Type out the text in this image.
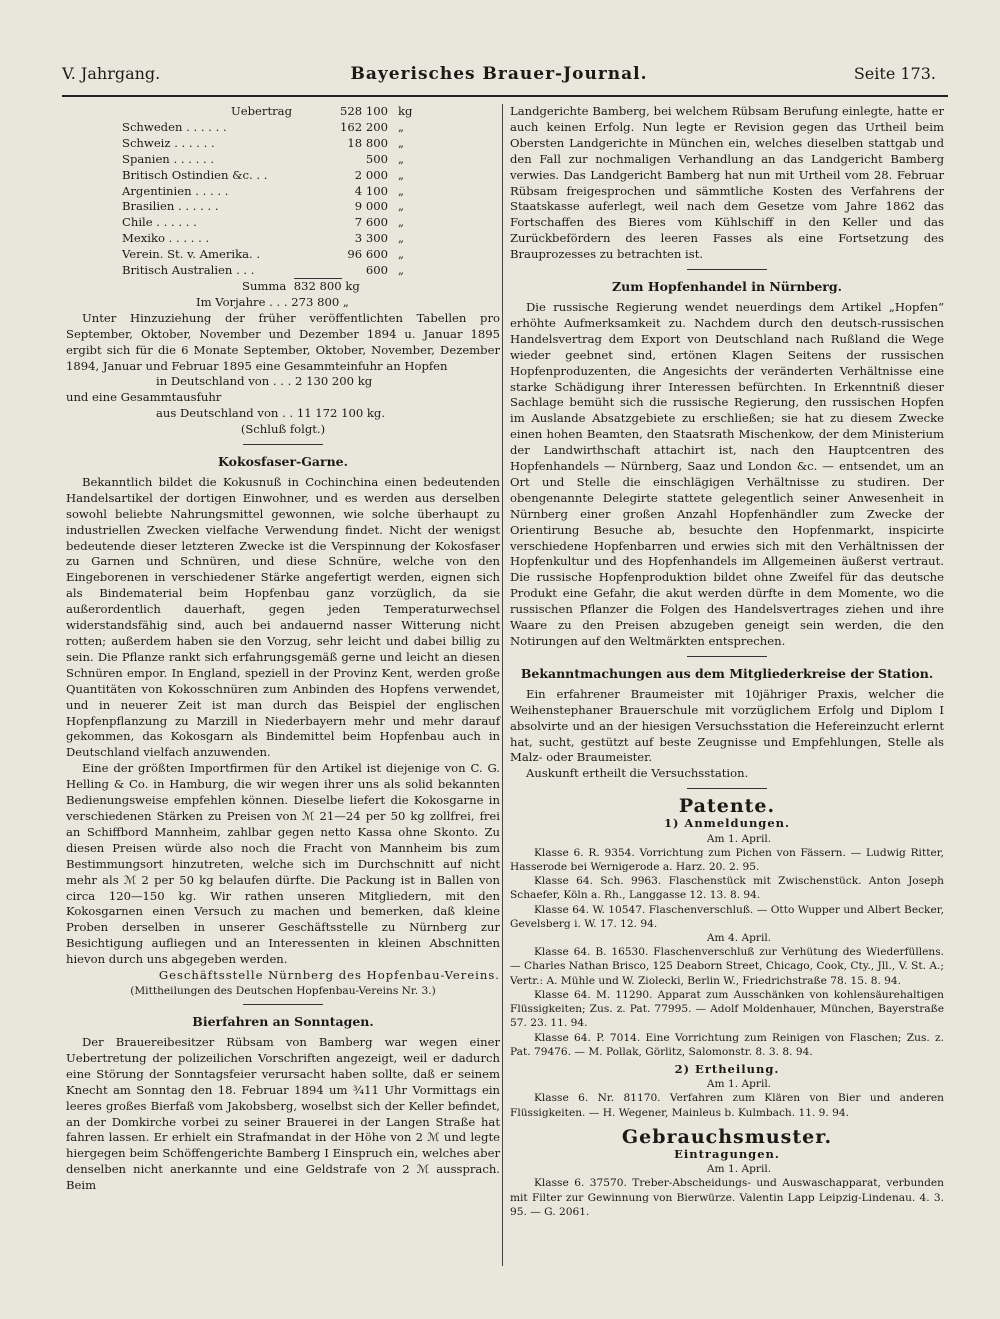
V. Jahrgang.	Bayerisches Brauer-Journal.	Seite 173.
Uebertrag	528 100	kg
Schweden . . . . . .	162 200	„
Schweiz . . . . . .	18 800	„
Spanien . . . . . .	500	„
Britisch Ostindien &c. . .	2 000	„
Argentinien . . . . .	4 100	„
Brasilien . . . . . .	9 000	„
Chile . . . . . .	7 600	„
Mexiko . . . . . .	3 300	„
Verein. St. v. Amerika. .	96 600	„
Britisch Australien . . .	600	„

Summa 832 800 kg

Im Vorjahre . . . 273 800 „

Unter Hinzuziehung der früher veröffentlichten Tabellen pro September, Oktober, November und Dezember 1894 u. Januar 1895 ergibt sich für die 6 Monate September, Oktober, November, Dezember 1894, Januar und Februar 1895 eine Gesammteinfuhr an Hopfen

in Deutschland von . . . 2 130 200 kg

und eine Gesammtausfuhr

aus Deutschland von . . 11 172 100 kg.

(Schluß folgt.)

Kokosfaser-Garne.

Bekanntlich bildet die Kokusnuß in Cochinchina einen bedeutenden Handelsartikel der dortigen Einwohner, und es werden aus derselben sowohl beliebte Nahrungsmittel gewonnen, wie solche überhaupt zu industriellen Zwecken vielfache Verwendung findet. Nicht der wenigst bedeutende dieser letzteren Zwecke ist die Verspinnung der Kokosfaser zu Garnen und Schnüren, und diese Schnüre, welche von den Eingeborenen in verschiedener Stärke angefertigt werden, eignen sich als Bindematerial beim Hopfenbau ganz vorzüglich, da sie außerordentlich dauerhaft, gegen jeden Temperaturwechsel widerstandsfähig sind, auch bei andauernd nasser Witterung nicht rotten; außerdem haben sie den Vorzug, sehr leicht und dabei billig zu sein. Die Pflanze rankt sich erfahrungsgemäß gerne und leicht an diesen Schnüren empor. In England, speziell in der Provinz Kent, werden große Quantitäten von Kokosschnüren zum Anbinden des Hopfens verwendet, und in neuerer Zeit ist man durch das Beispiel der englischen Hopfenpflanzung zu Marzill in Niederbayern mehr und mehr darauf gekommen, das Kokosgarn als Bindemittel beim Hopfenbau auch in Deutschland vielfach anzuwenden.

Eine der größten Importfirmen für den Artikel ist diejenige von C. G. Helling & Co. in Hamburg, die wir wegen ihrer uns als solid bekannten Bedienungsweise empfehlen können. Dieselbe liefert die Kokosgarne in verschiedenen Stärken zu Preisen von ℳ 21—24 per 50 kg zollfrei, frei an Schiffbord Mannheim, zahlbar gegen netto Kassa ohne Skonto. Zu diesen Preisen würde also noch die Fracht von Mannheim bis zum Bestimmungsort hinzutreten, welche sich im Durchschnitt auf nicht mehr als ℳ 2 per 50 kg belaufen dürfte. Die Packung ist in Ballen von circa 120—150 kg. Wir rathen unseren Mitgliedern, mit den Kokosgarnen einen Versuch zu machen und bemerken, daß kleine Proben derselben in unserer Geschäftsstelle zu Nürnberg zur Besichtigung aufliegen und an Interessenten in kleinen Abschnitten hievon durch uns abgegeben werden.

Geschäftsstelle Nürnberg des Hopfenbau-Vereins.

(Mittheilungen des Deutschen Hopfenbau-Vereins Nr. 3.)

Bierfahren an Sonntagen.

Der Brauereibesitzer Rübsam von Bamberg war wegen einer Uebertretung der polizeilichen Vorschriften angezeigt, weil er dadurch eine Störung der Sonntagsfeier verursacht haben sollte, daß er seinem Knecht am Sonntag den 18. Februar 1894 um ¾11 Uhr Vormittags ein leeres großes Bierfaß vom Jakobsberg, woselbst sich der Keller befindet, an der Domkirche vorbei zu seiner Brauerei in der Langen Straße hat fahren lassen. Er erhielt ein Strafmandat in der Höhe von 2 ℳ und legte hiergegen beim Schöffengerichte Bamberg I Einspruch ein, welches aber denselben nicht anerkannte und eine Geldstrafe von 2 ℳ aussprach. Beim

Landgerichte Bamberg, bei welchem Rübsam Berufung einlegte, hatte er auch keinen Erfolg. Nun legte er Revision gegen das Urtheil beim Obersten Landgerichte in München ein, welches dieselben stattgab und den Fall zur nochmaligen Verhandlung an das Landgericht Bamberg verwies. Das Landgericht Bamberg hat nun mit Urtheil vom 28. Februar Rübsam freigesprochen und sämmtliche Kosten des Verfahrens der Staatskasse auferlegt, weil nach dem Gesetze vom Jahre 1862 das Fortschaffen des Bieres vom Kühlschiff in den Keller und das Zurückbefördern des leeren Fasses als eine Fortsetzung des Brauprozesses zu betrachten ist.

Zum Hopfenhandel in Nürnberg.

Die russische Regierung wendet neuerdings dem Artikel „Hopfen“ erhöhte Aufmerksamkeit zu. Nachdem durch den deutsch-russischen Handelsvertrag dem Export von Deutschland nach Rußland die Wege wieder geebnet sind, ertönen Klagen Seitens der russischen Hopfenproduzenten, die Angesichts der veränderten Verhältnisse eine starke Schädigung ihrer Interessen befürchten. In Erkenntniß dieser Sachlage bemüht sich die russische Regierung, den russischen Hopfen im Auslande Absatzgebiete zu erschließen; sie hat zu diesem Zwecke einen hohen Beamten, den Staatsrath Mischenkow, der dem Ministerium der Landwirthschaft attachirt ist, nach den Hauptcentren des Hopfenhandels — Nürnberg, Saaz und London &c. — entsendet, um an Ort und Stelle die einschlägigen Verhältnisse zu studiren. Der obengenannte Delegirte stattete gelegentlich seiner Anwesenheit in Nürnberg einer großen Anzahl Hopfenhändler zum Zwecke der Orientirung Besuche ab, besuchte den Hopfenmarkt, inspicirte verschiedene Hopfenbarren und erwies sich mit den Verhältnissen der Hopfenkultur und des Hopfenhandels im Allgemeinen äußerst vertraut. Die russische Hopfenproduktion bildet ohne Zweifel für das deutsche Produkt eine Gefahr, die akut werden dürfte in dem Momente, wo die russischen Pflanzer die Folgen des Handelsvertrages ziehen und ihre Waare zu den Preisen abzugeben geneigt sein werden, die den Notirungen auf den Weltmärkten entsprechen.

Bekanntmachungen aus dem Mitgliederkreise der Station.

Ein erfahrener Braumeister mit 10jähriger Praxis, welcher die Weihenstephaner Brauerschule mit vorzüglichem Erfolg und Diplom I absolvirte und an der hiesigen Versuchsstation die Hefereinzucht erlernt hat, sucht, gestützt auf beste Zeugnisse und Empfehlungen, Stelle als Malz- oder Braumeister.

Auskunft ertheilt die Versuchsstation.

Patente.
1) Anmeldungen.

Am 1. April.

Klasse 6. R. 9354. Vorrichtung zum Pichen von Fässern. — Ludwig Ritter, Hasserode bei Wernigerode a. Harz. 20. 2. 95.

Klasse 64. Sch. 9963. Flaschenstück mit Zwischenstück. Anton Joseph Schaefer, Köln a. Rh., Langgasse 12. 13. 8. 94.

Klasse 64. W. 10547. Flaschenverschluß. — Otto Wupper und Albert Becker, Gevelsberg i. W. 17. 12. 94.

Am 4. April.

Klasse 64. B. 16530. Flaschenverschluß zur Verhütung des Wiederfüllens. — Charles Nathan Brisco, 125 Deaborn Street, Chicago, Cook, Cty., Jll., V. St. A.; Vertr.: A. Mühle und W. Ziolecki, Berlin W., Friedrichstraße 78. 15. 8. 94.

Klasse 64. M. 11290. Apparat zum Ausschänken von kohlensäurehaltigen Flüssigkeiten; Zus. z. Pat. 77995. — Adolf Moldenhauer, München, Bayerstraße 57. 23. 11. 94.

Klasse 64. P. 7014. Eine Vorrichtung zum Reinigen von Flaschen; Zus. z. Pat. 79476. — M. Pollak, Görlitz, Salomonstr. 8. 3. 8. 94.

2) Ertheilung.

Am 1. April.

Klasse 6. Nr. 81170. Verfahren zum Klären von Bier und anderen Flüssigkeiten. — H. Wegener, Mainleus b. Kulmbach. 11. 9. 94.

Gebrauchsmuster.
Eintragungen.

Am 1. April.

Klasse 6. 37570. Treber-Abscheidungs- und Auswaschapparat, verbunden mit Filter zur Gewinnung von Bierwürze. Valentin Lapp Leipzig-Lindenau. 4. 3. 95. — G. 2061.
